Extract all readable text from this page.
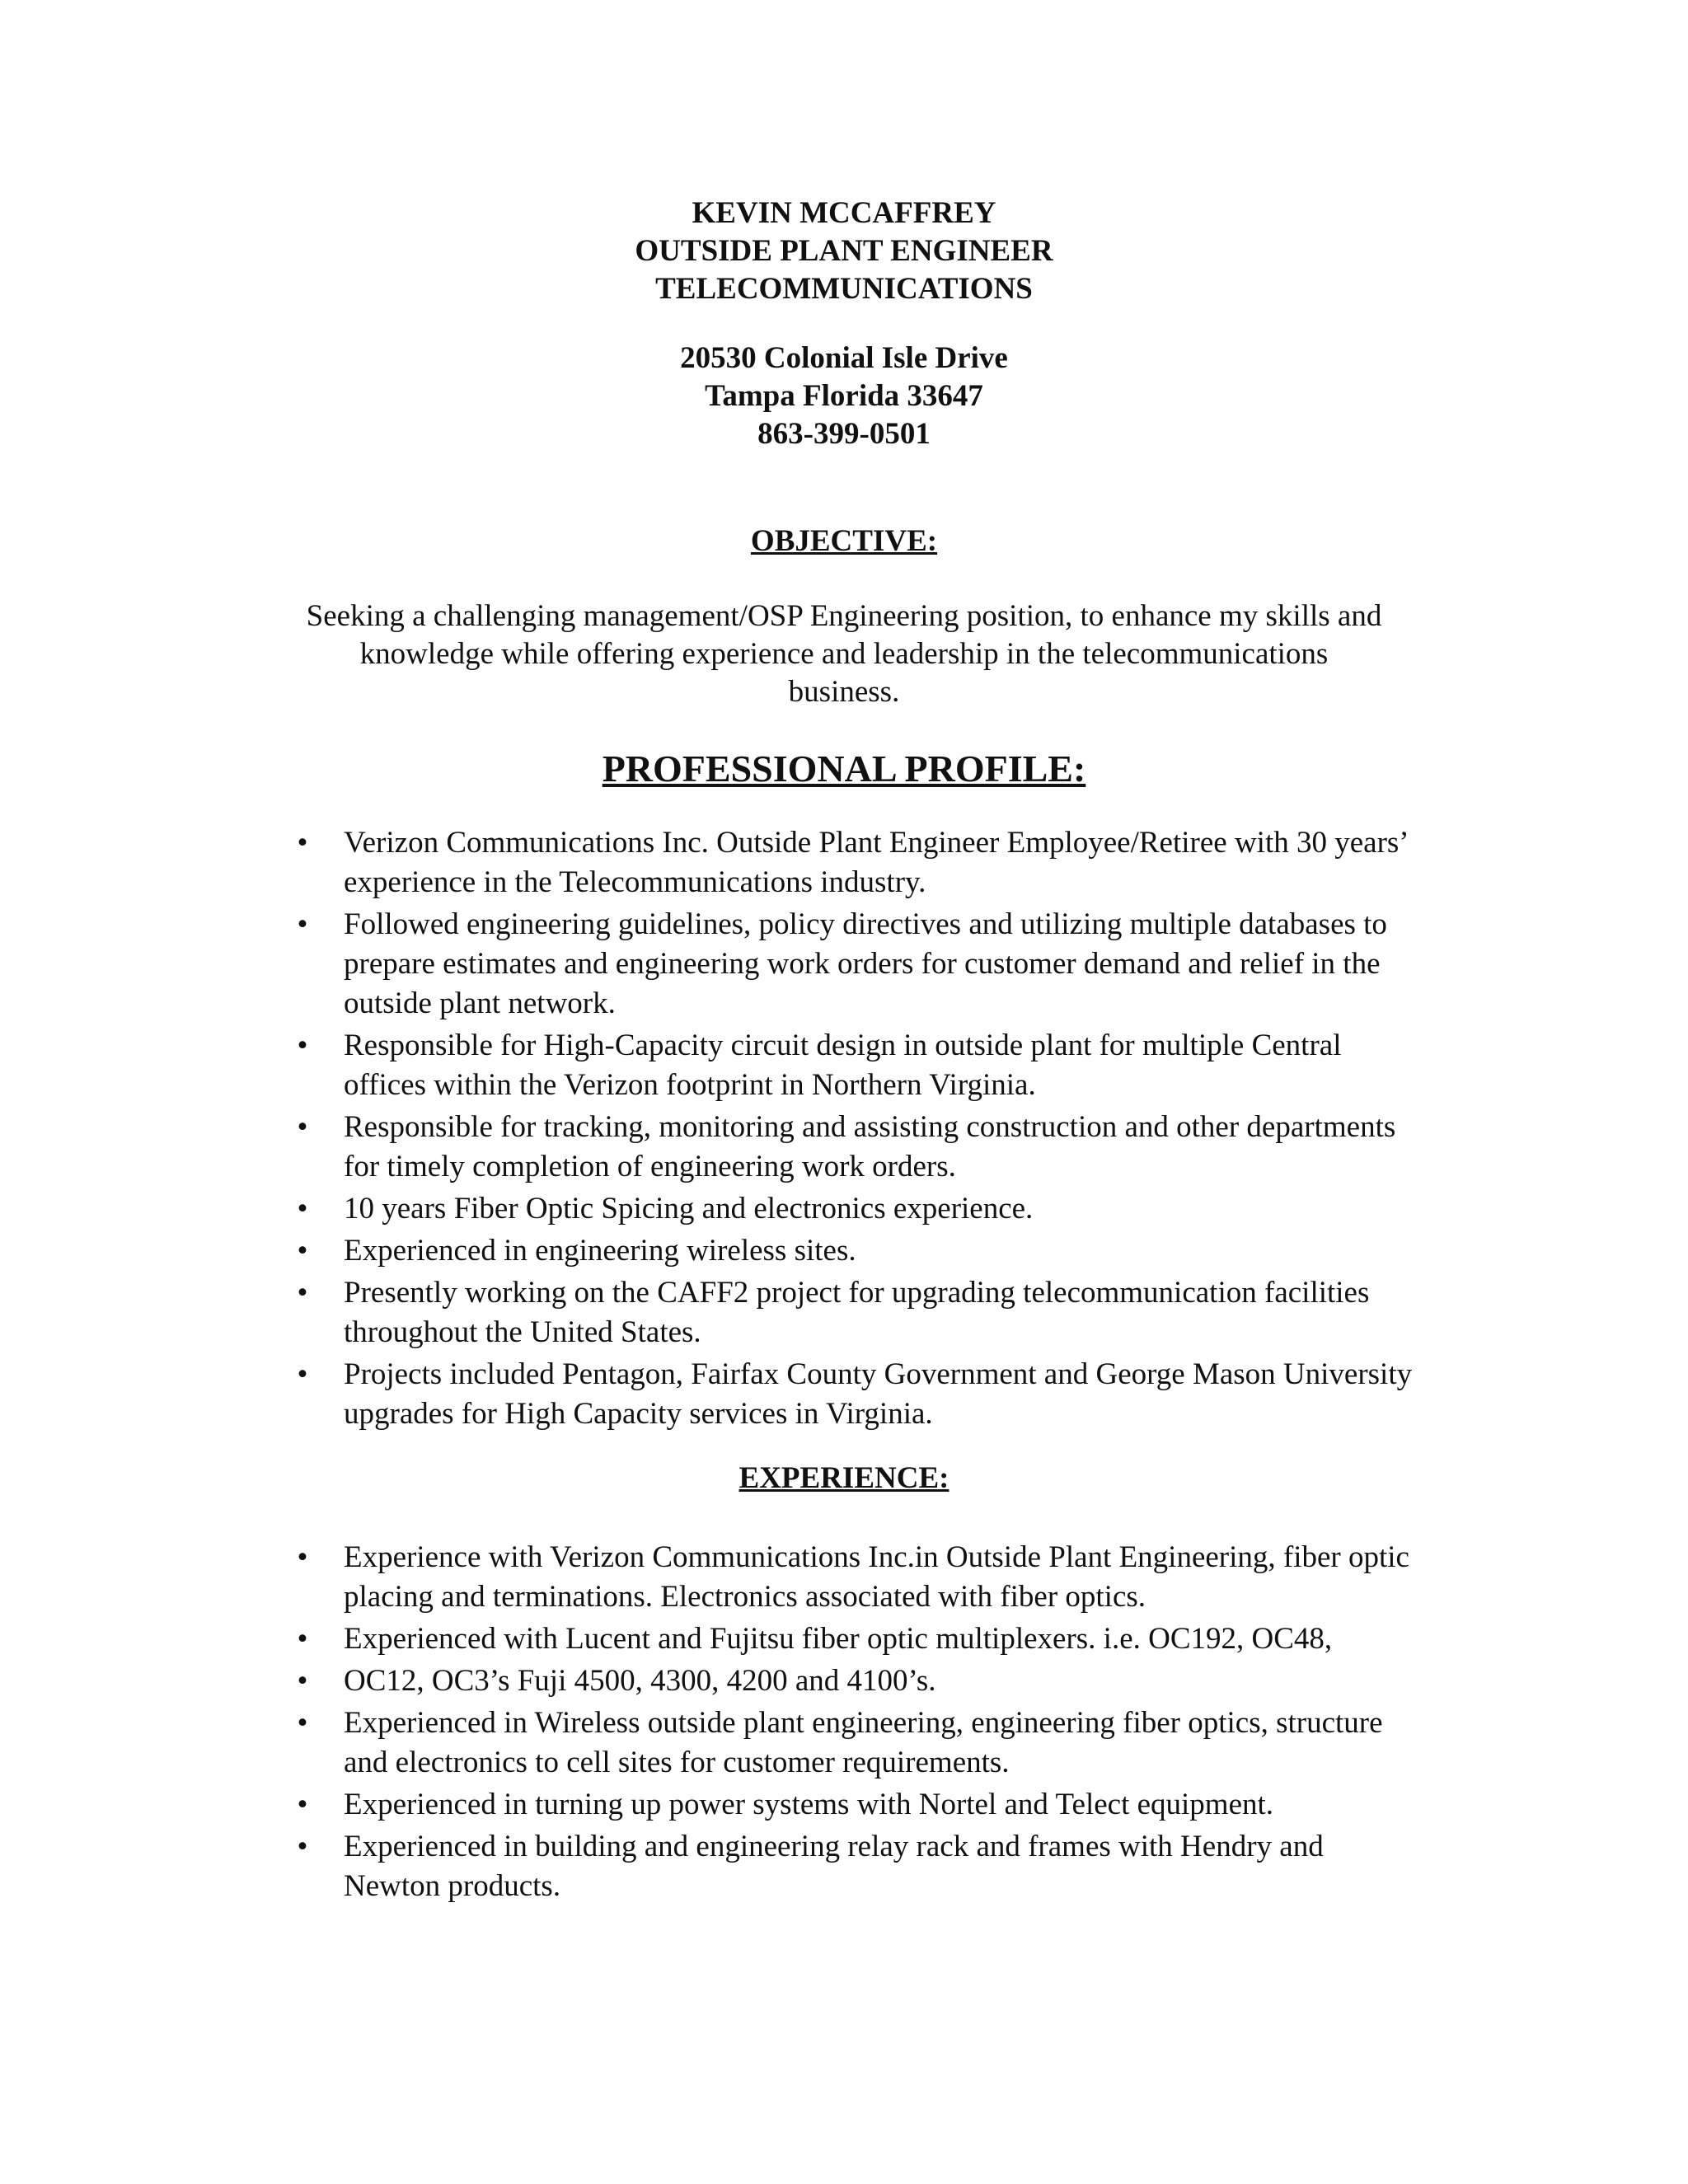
KEVIN MCCAFFREY
OUTSIDE PLANT ENGINEER
TELECOMMUNICATIONS
20530 Colonial Isle Drive
Tampa Florida 33647
863-399-0501
OBJECTIVE:
Seeking a challenging management/OSP Engineering position, to enhance my skills and
knowledge while offering experience and leadership in the telecommunications
business.
PROFESSIONAL PROFILE:
• Verizon Communications Inc. Outside Plant Engineer Employee/Retiree with 30 years’ experience in the Telecommunications industry.
• Followed engineering guidelines, policy directives and utilizing multiple databases to prepare estimates and engineering work orders for customer demand and relief in the outside plant network.
• Responsible for High-Capacity circuit design in outside plant for multiple Central offices within the Verizon footprint in Northern Virginia.
• Responsible for tracking, monitoring and assisting construction and other departments for timely completion of engineering work orders.
• 10 years Fiber Optic Spicing and electronics experience.
• Experienced in engineering wireless sites.
• Presently working on the CAFF2 project for upgrading telecommunication facilities throughout the United States.
• Projects included Pentagon, Fairfax County Government and George Mason University upgrades for High Capacity services in Virginia.
EXPERIENCE:
• Experience with Verizon Communications Inc.in Outside Plant Engineering, fiber optic placing and terminations. Electronics associated with fiber optics.
• Experienced with Lucent and Fujitsu fiber optic multiplexers. i.e. OC192, OC48,
• OC12, OC3’s Fuji 4500, 4300, 4200 and 4100’s.
• Experienced in Wireless outside plant engineering, engineering fiber optics, structure and electronics to cell sites for customer requirements.
• Experienced in turning up power systems with Nortel and Telect equipment.
• Experienced in building and engineering relay rack and frames with Hendry and Newton products.
